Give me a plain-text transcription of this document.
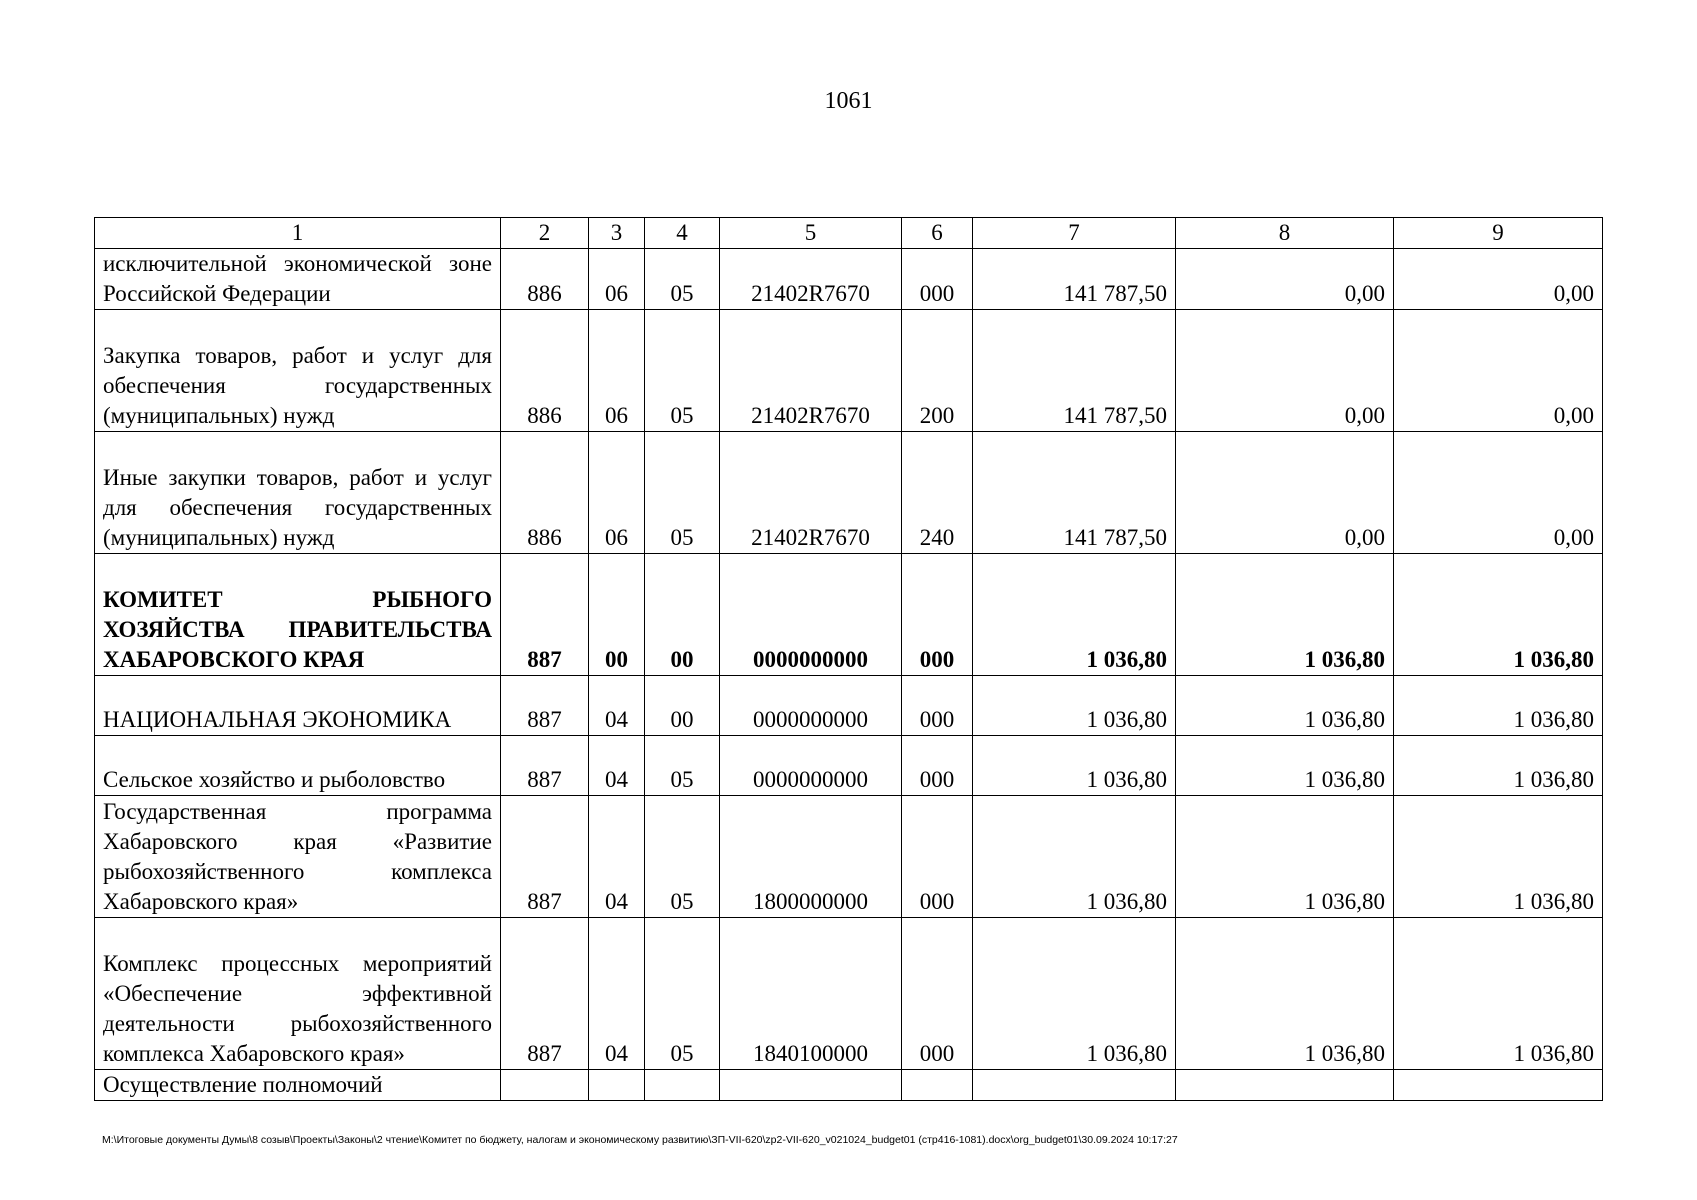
1061
1	2	3	4	5	6	7	8	9
исключительной экономической зоне Российской Федерации	886	06	05	21402R7670	000	141 787,50	0,00	0,00
Закупка товаров, работ и услуг для обеспечения государственных (муниципальных) нужд	886	06	05	21402R7670	200	141 787,50	0,00	0,00
Иные закупки товаров, работ и услуг для обеспечения государственных (муниципальных) нужд	886	06	05	21402R7670	240	141 787,50	0,00	0,00
КОМИТЕТ РЫБНОГО ХОЗЯЙСТВА ПРАВИТЕЛЬСТВА ХАБАРОВСКОГО КРАЯ	887	00	00	0000000000	000	1 036,80	1 036,80	1 036,80
НАЦИОНАЛЬНАЯ ЭКОНОМИКА	887	04	00	0000000000	000	1 036,80	1 036,80	1 036,80
Сельское хозяйство и рыболовство	887	04	05	0000000000	000	1 036,80	1 036,80	1 036,80
Государственная программа Хабаровского края «Развитие рыбохозяйственного комплекса Хабаровского края»	887	04	05	1800000000	000	1 036,80	1 036,80	1 036,80
Комплекс процессных мероприятий «Обеспечение эффективной деятельности рыбохозяйственного комплекса Хабаровского края»	887	04	05	1840100000	000	1 036,80	1 036,80	1 036,80
Осуществление полномочий								
М:\Итоговые документы Думы\8 созыв\Проекты\Законы\2 чтение\Комитет по бюджету, налогам и экономическому развитию\ЗП-VII-620\zp2-VII-620_v021024_budget01 (стр416-1081).docx\org_budget01\30.09.2024 10:17:27
